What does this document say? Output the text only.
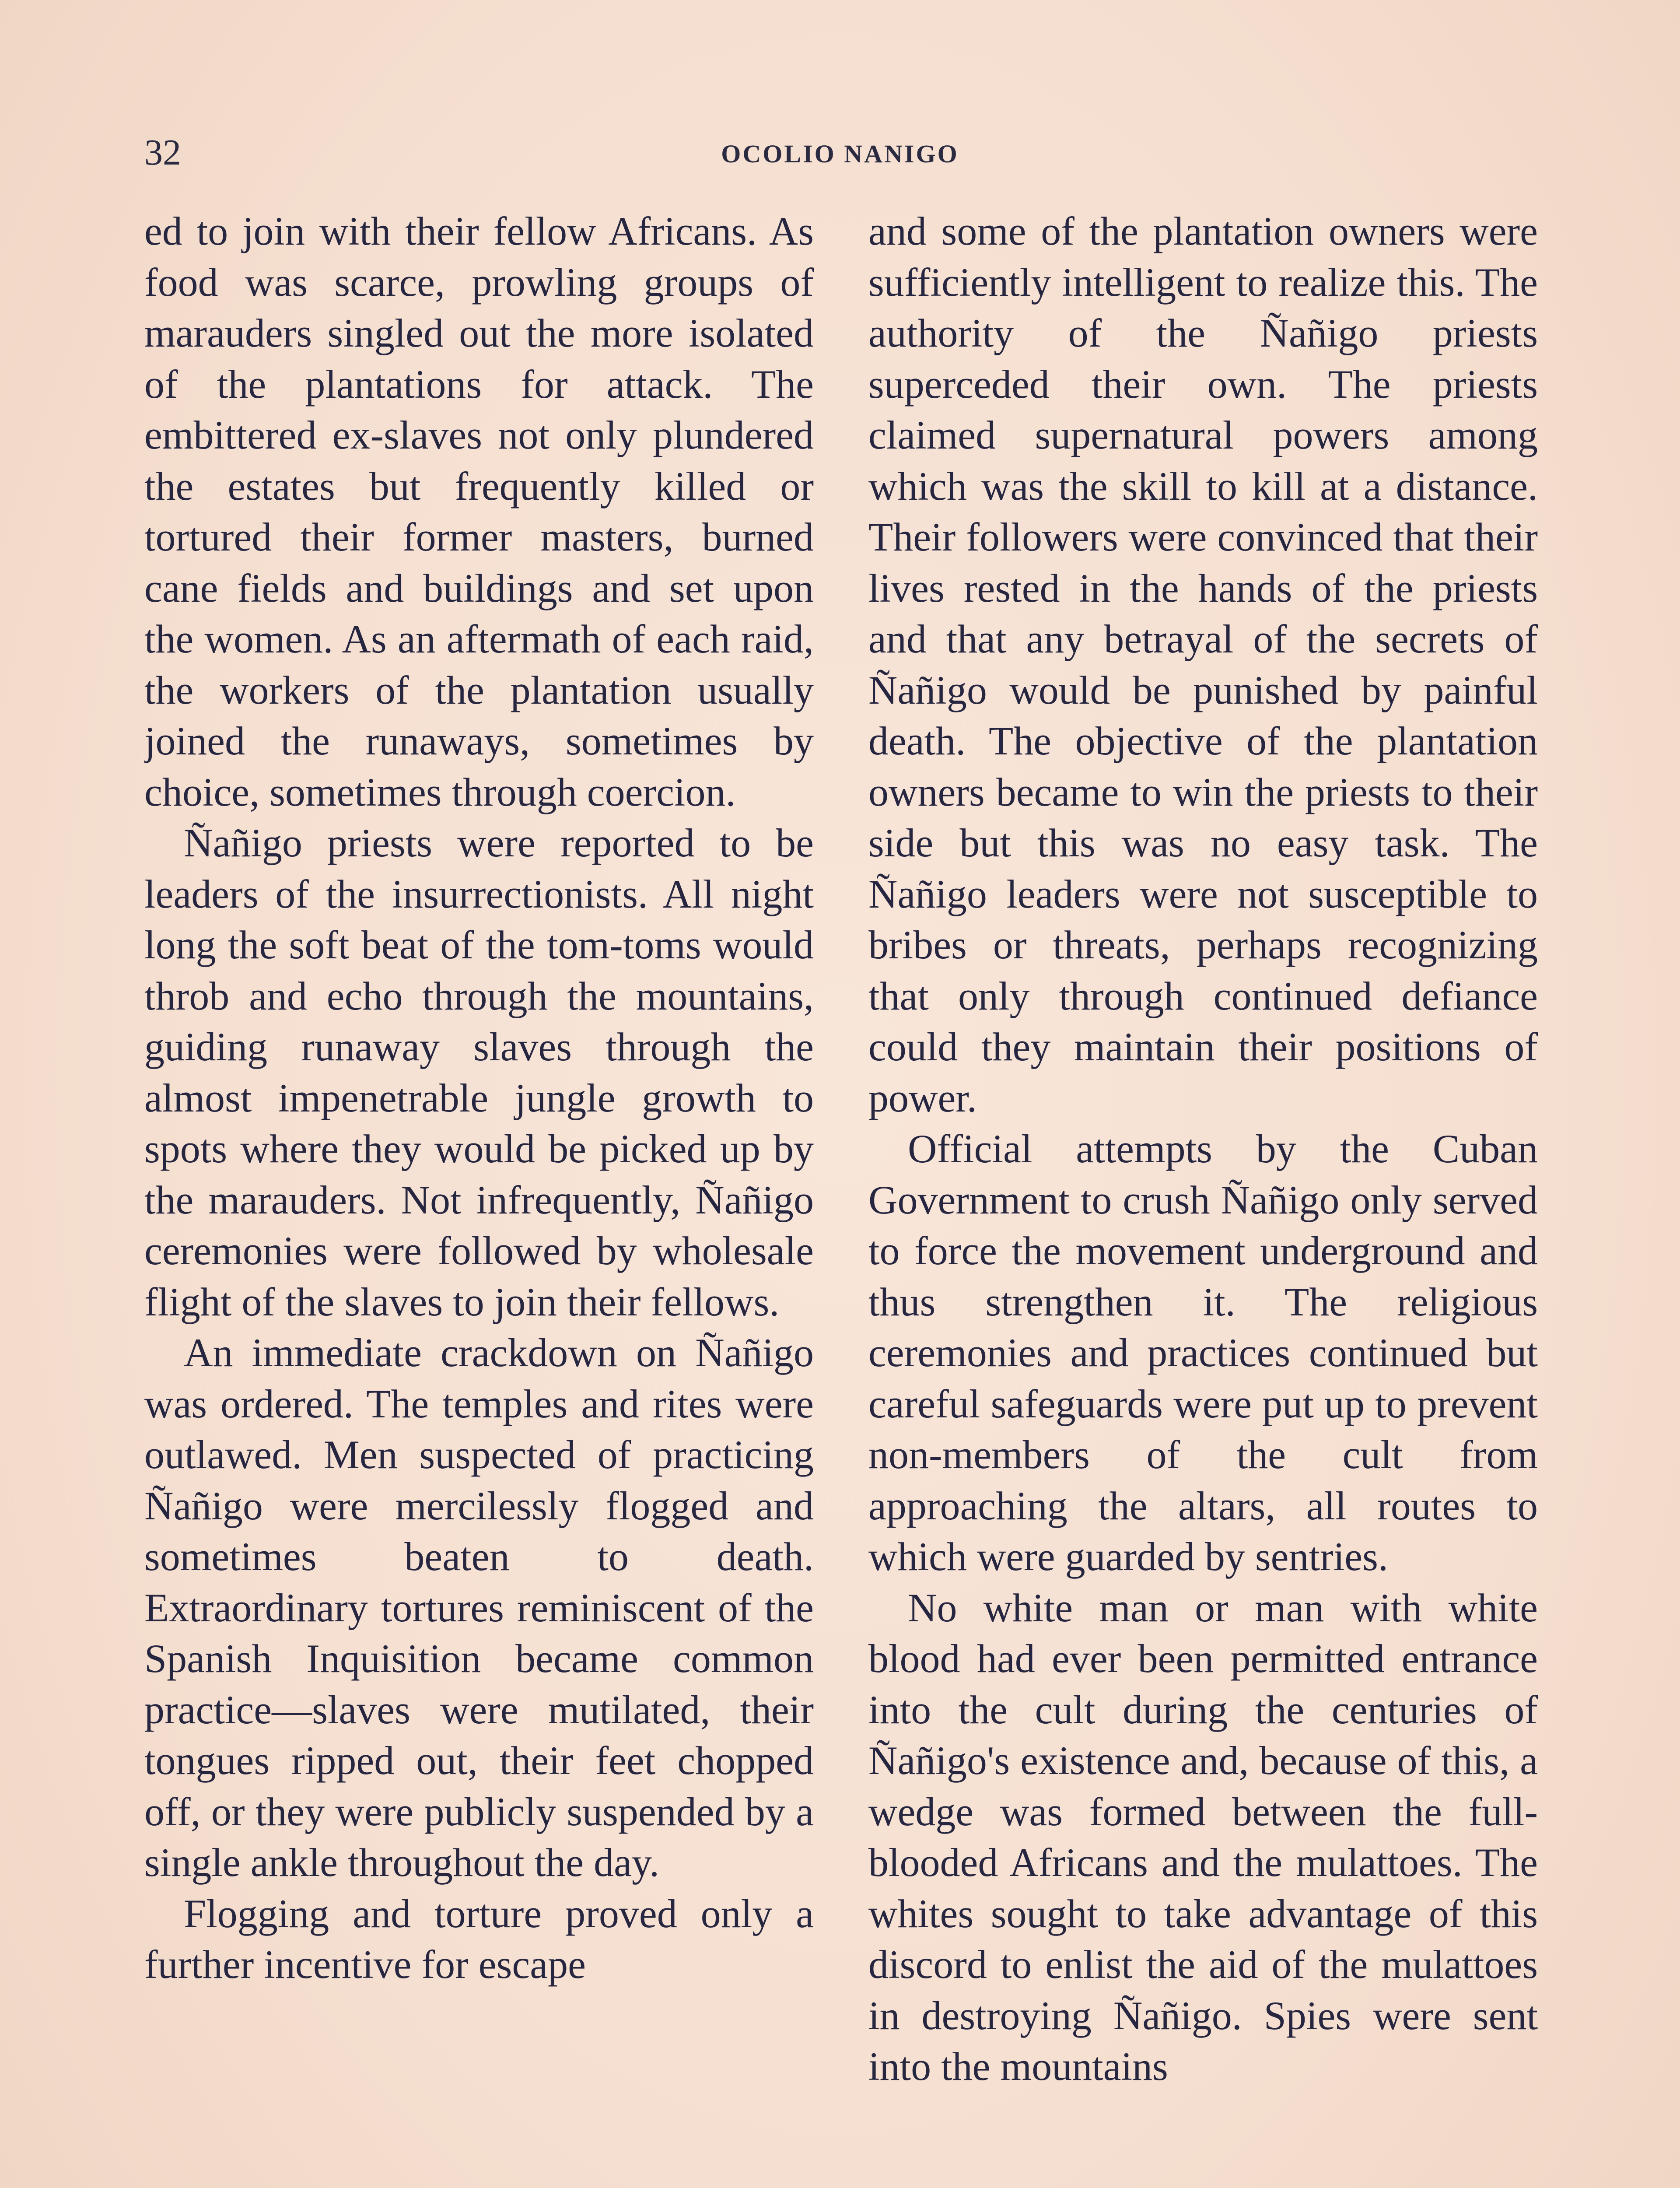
32	OCOLIO NANIGO

ed to join with their fellow Africans. As food was scarce, prowling groups of marauders singled out the more isolated of the plantations for attack. The embittered ex-slaves not only plundered the estates but frequently killed or tortured their former masters, burned cane fields and buildings and set upon the women. As an aftermath of each raid, the workers of the plantation usually joined the runaways, sometimes by choice, sometimes through coercion.

Ñañigo priests were reported to be leaders of the insurrectionists. All night long the soft beat of the tom-toms would throb and echo through the mountains, guiding runaway slaves through the almost impenetrable jungle growth to spots where they would be picked up by the marauders. Not infrequently, Ñañigo ceremonies were followed by wholesale flight of the slaves to join their fellows.

An immediate crackdown on Ñañigo was ordered. The temples and rites were outlawed. Men suspected of practicing Ñañigo were mercilessly flogged and sometimes beaten to death. Extraordinary tortures reminiscent of the Spanish Inquisition became common practice—slaves were mutilated, their tongues ripped out, their feet chopped off, or they were publicly suspended by a single ankle throughout the day.

Flogging and torture proved only a further incentive for escape

and some of the plantation owners were sufficiently intelligent to realize this. The authority of the Ñañigo priests superceded their own. The priests claimed supernatural powers among which was the skill to kill at a distance. Their followers were convinced that their lives rested in the hands of the priests and that any betrayal of the secrets of Ñañigo would be punished by painful death. The objective of the plantation owners became to win the priests to their side but this was no easy task. The Ñañigo leaders were not susceptible to bribes or threats, perhaps recognizing that only through continued defiance could they maintain their positions of power.

Official attempts by the Cuban Government to crush Ñañigo only served to force the movement underground and thus strengthen it. The religious ceremonies and practices continued but careful safeguards were put up to prevent non-members of the cult from approaching the altars, all routes to which were guarded by sentries.

No white man or man with white blood had ever been permitted entrance into the cult during the centuries of Ñañigo's existence and, because of this, a wedge was formed between the full-blooded Africans and the mulattoes. The whites sought to take advantage of this discord to enlist the aid of the mulattoes in destroying Ñañigo. Spies were sent into the mountains
